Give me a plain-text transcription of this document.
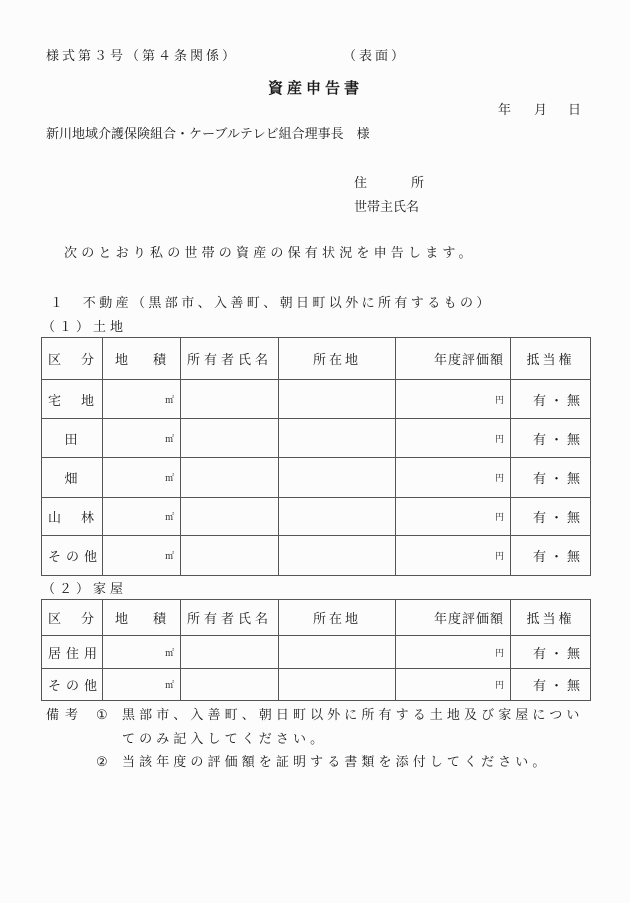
様式第３号（第４条関係）	（表面）
資産申告書
年 月 日
新川地域介護保険組合・ケーブルテレビ組合理事長　様
住	所
世帯主氏名
次のとおり私の世帯の資産の保有状況を申告します。
１　不動産（黒部市、入善町、朝日町以外に所有するもの）
（１）土地
区 分	地 積	所有者氏名	所在地	年度評価額	抵当権

宅 地	㎡			円	有・無
田	㎡			円	有・無
畑	㎡			円	有・無

山 林	㎡			円	有・無
その他	㎡			円	有・無
（２）家屋
区 分	地 積	所有者氏名	所在地	年度評価額	抵当権
居住用	㎡			円	有・無
その他	㎡			円	有・無
備考 ① 黒部市、入善町、朝日町以外に所有する土地及び家屋につい
てのみ記入してください。
② 当該年度の評価額を証明する書類を添付してください。
